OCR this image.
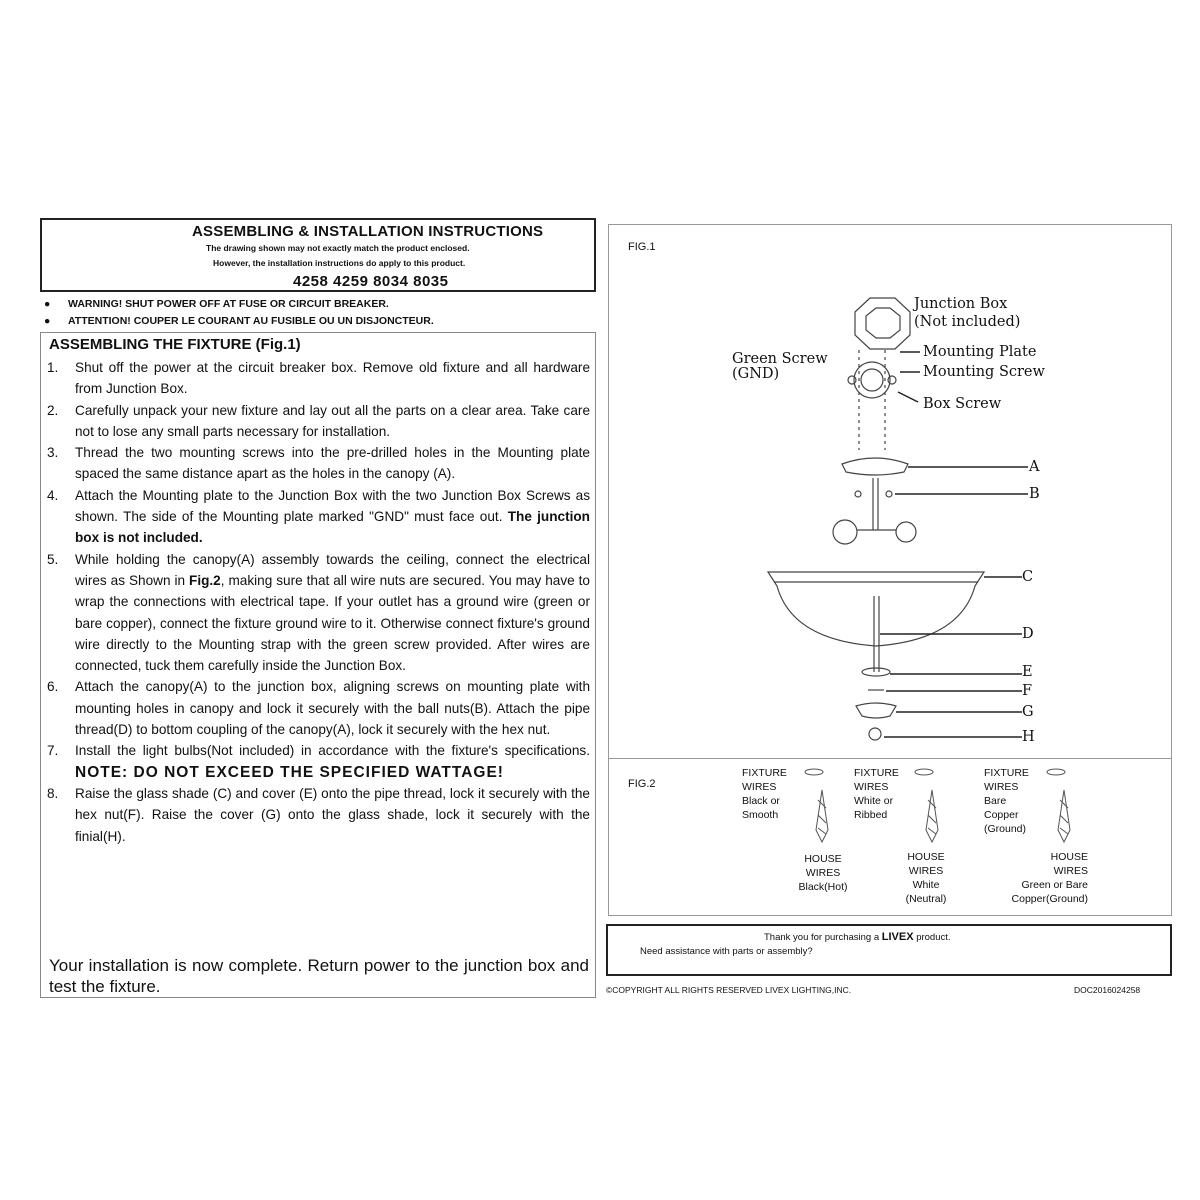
ASSEMBLING & INSTALLATION INSTRUCTIONS
The drawing shown may not exactly match the product enclosed.
However, the installation instructions do apply to this product.
4258 4259 8034 8035
● WARNING! SHUT POWER OFF AT FUSE OR CIRCUIT BREAKER.
● ATTENTION! COUPER LE COURANT AU FUSIBLE OU UN DISJONCTEUR.
ASSEMBLING THE FIXTURE (Fig.1)
1.	Shut off the power at the circuit breaker box. Remove old fixture and all hardware from Junction Box.
2.	Carefully unpack your new fixture and lay out all the parts on a clear area. Take care not to lose any small parts necessary for installation.
3.	Thread the two mounting screws into the pre-drilled holes in the Mounting plate spaced the same distance apart as the holes in the canopy (A).
4.	Attach the Mounting plate to the Junction Box with the two Junction Box Screws as shown. The side of the Mounting plate marked "GND" must face out. The junction box is not included.
5.	While holding the canopy(A) assembly towards the ceiling, connect the electrical wires as Shown in Fig.2, making sure that all wire nuts are secured. You may have to wrap the connections with electrical tape. If your outlet has a ground wire (green or bare copper), connect the fixture ground wire to it. Otherwise connect fixture's ground wire directly to the Mounting strap with the green screw provided. After wires are connected, tuck them carefully inside the Junction Box.
6.	Attach the canopy(A) to the junction box, aligning screws on mounting plate with mounting holes in canopy and lock it securely with the ball nuts(B). Attach the pipe thread(D) to bottom coupling of the canopy(A), lock it securely with the hex nut.
7.	Install the light bulbs(Not included) in accordance with the fixture's specifications. NOTE: DO NOT EXCEED THE SPECIFIED WATTAGE!
8.	Raise the glass shade (C) and cover (E) onto the pipe thread, lock it securely with the hex nut(F). Raise the cover (G) onto the glass shade, lock it securely with the finial(H).
Your installation is now complete. Return power to the junction box and test the fixture.
FIG.1
Junction Box
(Not included)
Green Screw
(GND)
Mounting Plate
Mounting Screw
Box Screw
A
B
C
D
E
F
G
H
FIG.2
FIXTURE
WIRES
Black or
Smooth
HOUSE
WIRES
Black(Hot)
FIXTURE
WIRES
White or
Ribbed
HOUSE
WIRES
White
(Neutral)
FIXTURE
WIRES
Bare
Copper
(Ground)
HOUSE
WIRES
Green or Bare
Copper(Ground)
Thank you for purchasing a LIVEX product.
Need assistance with parts or assembly?
©COPYRIGHT ALL RIGHTS RESERVED LIVEX LIGHTING,INC.	DOC2016024258
